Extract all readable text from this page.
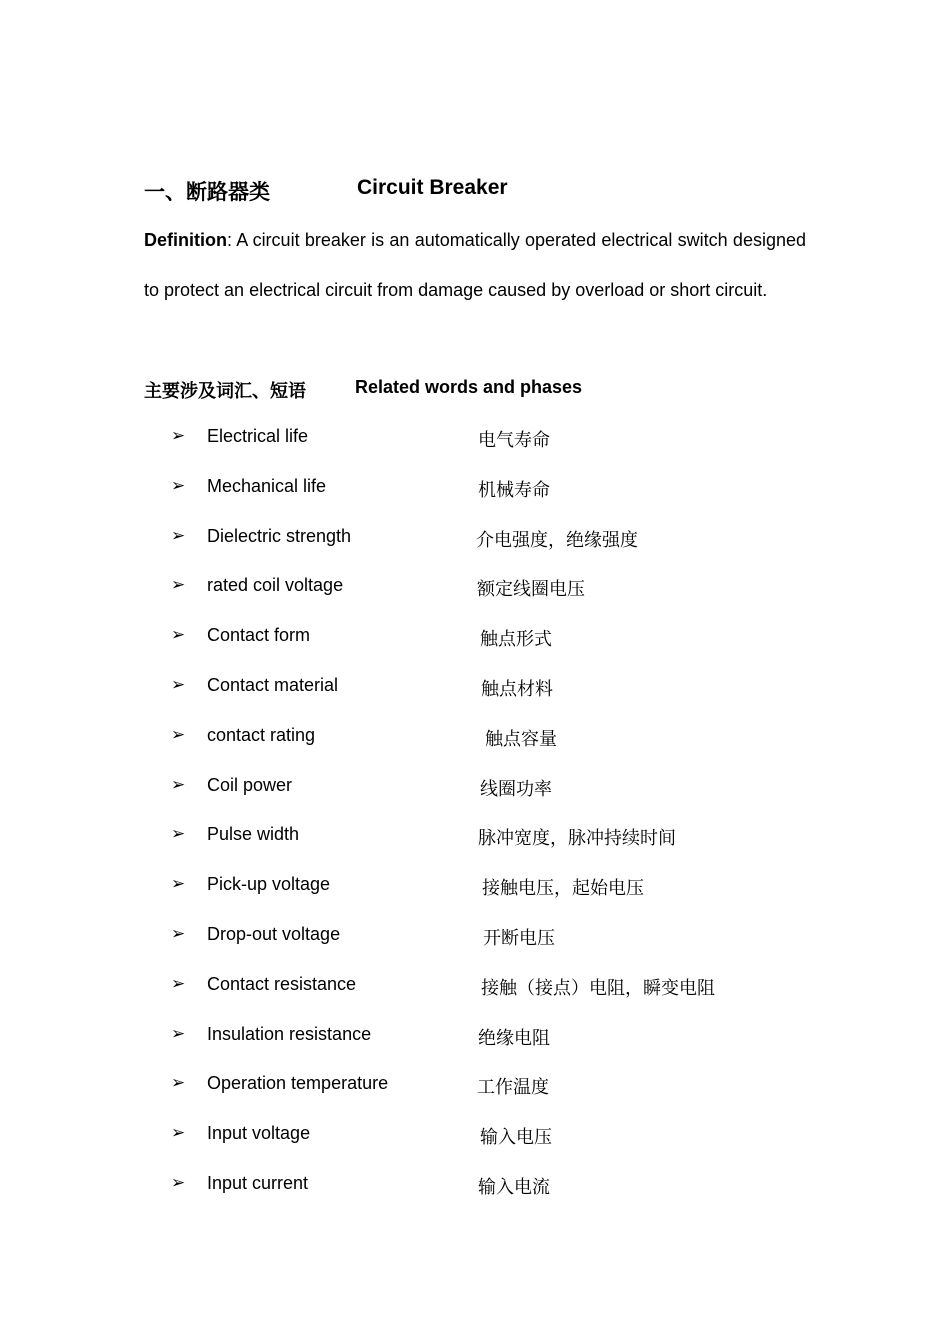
一、断路器类	Circuit Breaker

Definition: A circuit breaker is an automatically operated electrical switch designed to protect an electrical circuit from damage caused by overload or short circuit.

主要涉及词汇、短语	Related words and phases
➢ Electrical life	电气寿命
➢ Mechanical life	机械寿命
➢ Dielectric strength	介电强度，绝缘强度
➢ rated coil voltage	额定线圈电压
➢ Contact form	触点形式
➢ Contact material	触点材料
➢ contact rating	触点容量
➢ Coil power	线圈功率
➢ Pulse width	脉冲宽度，脉冲持续时间
➢ Pick-up voltage	接触电压，起始电压
➢ Drop-out voltage	开断电压
➢ Contact resistance	接触（接点）电阻，瞬变电阻
➢ Insulation resistance	绝缘电阻
➢ Operation temperature	工作温度
➢ Input voltage	输入电压
➢ Input current	输入电流
